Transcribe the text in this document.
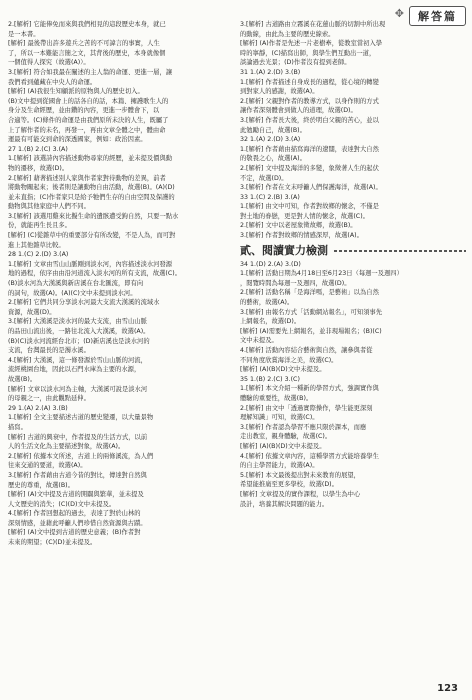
✥	解答篇
2.[解析] 它能俸免而來與我們相見的這段歷史本身，就已
是一本書。
[解析] 最後帶出許多遊兵之苦的不可諱言的事實，人生
了，所以一本難能言簡之文，其背後的歷史，本身就像個
一個值得人探究（故選(A)）。
3.[解析] 符合如我最在闡述的主人翁的命運、更進一層，讓
我們看到蘊藏在中央人的命運。
[解析] (A)我很生知顧派的原物與人的歷史切入。
(B)文中提到從國會上的話各自的話，本篇、擁護歌生人的
身分及生命經歷，並由鑽的內容，更進一步體會下，以
合適等。(C)條件的命運是由我們原所未決的人生，既屬了
上了解作者的未名，再發一，再由文章全體之中，體由命
運最有可能交到命的深透國家，例如：政治因素。
27 1.(B) 2.(C) 3.(A)
1.[解析] 該選詩內容描述動物尋家的經歷，並未提及價與動
物的遷移，故選(D)。
2.[解析] 藉著描述別人家與作者家對待動物的差異，前者
將動物關起來；後者則是讓動物自由活動，故選(B)。(A)(D)
並未直指；(C)作者家只是給予牠們生存的自由空間及保護的
動物與其他家庭中人們不同。
3.[解析] 該選用雞來比擬生命的遺骸遭受鉤自然，只要一點水
份，就能再生長且多。
[解析] (C)從雜草中的重要部分有所改變，不是人為，而可對
進上其他雜草比較。
28 1.(C) 2.(D) 3.(A)
1.[解析] 文章由雪山山脈剛到淡水河，內容描述淡水河發源
地的過程，依序由由沿河道流入淡水河的所有支流，故選(C)。
(B)淡水河為大漢溪與新店溪在台北匯流，即有向
的詞句，故選(A)。(A)(C)文中未提到淡水河。
2.[解析] 它們共同分享淡水河最大支流大漢溪的流域水
資源，故選(D)。
3.[解析] 大漢溪是淡水河的最大支流，由雪山山脈
的品田山流出後，一路往北流入大漢溪，故選(A)。
(B)(C)淡水河流經台北市；(D)新店溪也是淡水河的
支流，台灣最長的是濁水溪。
4.[解析] 大漢溪，這一條發源於雪山山脈的河流，
流經桃園台地，因此以石門水庫為主要的水源，
故選(B)。
[解析] 文章以淡水河為主軸，大漢溪可說是淡水河
的母親之一，由此觀點延伸。
29 1.(A) 2.(A) 3.(B)
1.[解析] 全文主要描述古道的歷史變遷，以大量景物
描寫。
[解析] 古道的興衰中，作者提及的生活方式，以前
人的生活文化為主要描述對象，故選(A)。
2.[解析] 依據本文所述，古道上的兩條溪流，為人們
往來交通的要道，故選(A)。
3.[解析] 作者藉由古道今昔的對比，傳達對自然與
歷史的尊重，故選(B)。
[解析] (A)文中提及古道的開闢與繁華，並未提及
人文歷史的消失；(C)(D)文中未提及。
4.[解析] 作者回想起的過去，表達了對於山林的
深刻情感，並藉此呼籲人們珍惜自然資源與古蹟。
[解析] (A)文中提到古道的歷史意義；(B)作者對
未來的期望；(C)(D)並未提及。
3.[解析] 古道路由立霧溪在花蓮山脈的切割中所出現
的動線，由此為主要的歷史線索。
[解析] (A)作者是先述一片老樹牽，從教室當初入學
時的寧靜，(C)描寫出師，與學生們互動出一道，
談論過去光景；(D)作者沒有提到老師。
31 1.(A) 2.(D) 3.(B)
1.[解析] 作者描述自身成長的過程，從心境的轉變
到對家人的感謝，故選(A)。
2.[解析] 父親對作者的教導方式，以身作則的方式
讓作者深刻體會到做人的道理，故選(D)。
3.[解析] 作者長大後，終於明白父親的苦心，並以
此勉勵自己，故選(B)。
32 1.(A) 2.(D) 3.(A)
1.[解析] 作者藉由描寫海洋的遼闊，表達對大自然
的敬畏之心，故選(A)。
2.[解析] 文中提及海洋的多變，象徵著人生的起伏
不定，故選(D)。
3.[解析] 作者在文末呼籲人們保護海洋，故選(A)。
33 1.(C) 2.(B) 3.(A)
1.[解析] 由文中可知，作者對故鄉的懷念，不僅是
對土地的眷戀，更是對人情的懷念，故選(C)。
2.[解析] 文中以老屋象徵故鄉，故選(B)。
3.[解析] 作者對故鄉的情感深厚，故選(A)。
貳、閱讀實力檢測
34 1.(D) 2.(A) 3.(D)
1.[解析] 活動日期為4月18日至6月23日（每週一及週四）
，閱覽時間為每週一及週四，故選(D)。
2.[解析] 活動名稱「是海洋嗎，是藝術」以為自然
的藝術，故選(A)。
3.[解析] 由報名方式「活動網站報名」，可知須事先
上網報名，故選(D)。
[解析] (A)需要先上網報名，並非現場報名；(B)(C)
文中未提及。
4.[解析] 活動內容結合藝術與自然，讓參與者從
不同角度欣賞海洋之美，故選(C)。
[解析] (A)(B)(D)文中未提及。
35 1.(B) 2.(C) 3.(C)
1.[解析] 本文介紹一種新的學習方式，強調實作與
體驗的重要性，故選(B)。
2.[解析] 由文中「透過實際操作，學生能更深刻
理解知識」可知，故選(C)。
3.[解析] 作者認為學習不應只限於課本，而應
走出教室，親身體驗，故選(C)。
[解析] (A)(B)(D)文中未提及。
4.[解析] 依據文章內容，這種學習方式能培養學生
的自主學習能力，故選(A)。
5.[解析] 本文最後提出對未來教育的展望，
希望能推廣至更多學校，故選(D)。
[解析] 文章提及的實作課程，以學生為中心
設計，培養其解決問題的能力。
123
